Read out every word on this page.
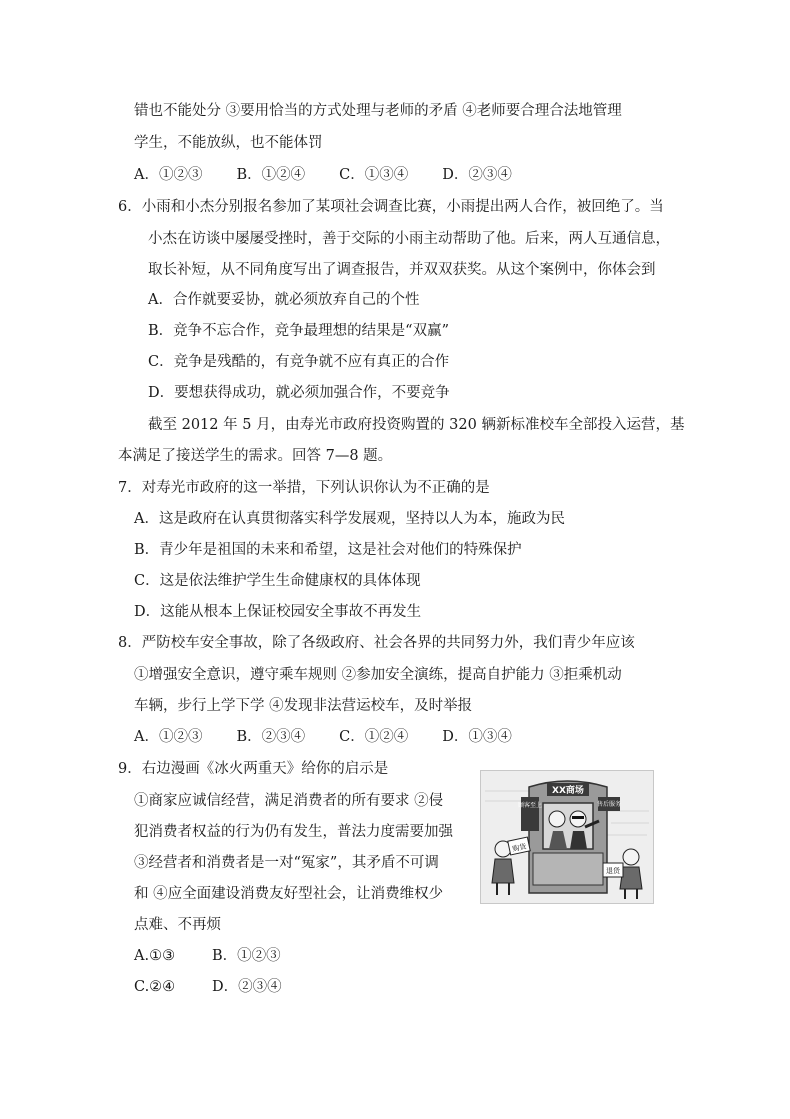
错也不能处分 ③要用恰当的方式处理与老师的矛盾 ④老师要合理合法地管理
学生，不能放纵，也不能体罚
A．①②③ B．①②④ C．①③④ D．②③④
6．小雨和小杰分别报名参加了某项社会调查比赛，小雨提出两人合作，被回绝了。当
小杰在访谈中屡屡受挫时，善于交际的小雨主动帮助了他。后来，两人互通信息，
取长补短，从不同角度写出了调查报告，并双双获奖。从这个案例中，你体会到
A．合作就要妥协，就必须放弃自己的个性
B．竞争不忘合作，竞争最理想的结果是“双赢”
C．竞争是残酷的，有竞争就不应有真正的合作
D．要想获得成功，就必须加强合作，不要竞争
截至 2012 年 5 月，由寿光市政府投资购置的 320 辆新标准校车全部投入运营，基
本满足了接送学生的需求。回答 7—8 题。
7．对寿光市政府的这一举措，下列认识你认为不正确的是
A．这是政府在认真贯彻落实科学发展观，坚持以人为本，施政为民
B．青少年是祖国的未来和希望，这是社会对他们的特殊保护
C．这是依法维护学生生命健康权的具体体现
D．这能从根本上保证校园安全事故不再发生
8．严防校车安全事故，除了各级政府、社会各界的共同努力外，我们青少年应该
①增强安全意识，遵守乘车规则 ②参加安全演练，提高自护能力 ③拒乘机动
车辆，步行上学下学 ④发现非法营运校车，及时举报
A．①②③ B．②③④ C．①②④ D．①③④
9．右边漫画《冰火两重天》给你的启示是
①商家应诚信经营，满足消费者的所有要求 ②侵
犯消费者权益的行为仍有发生，普法力度需要加强
③经营者和消费者是一对“冤家”，其矛盾不可调
和 ④应全面建设消费友好型社会，让消费维权少
点难、不再烦
A.①③	B．①②③
C.②④	D．②③④
XX商场
顾客至上	售后服务
购货
退货
